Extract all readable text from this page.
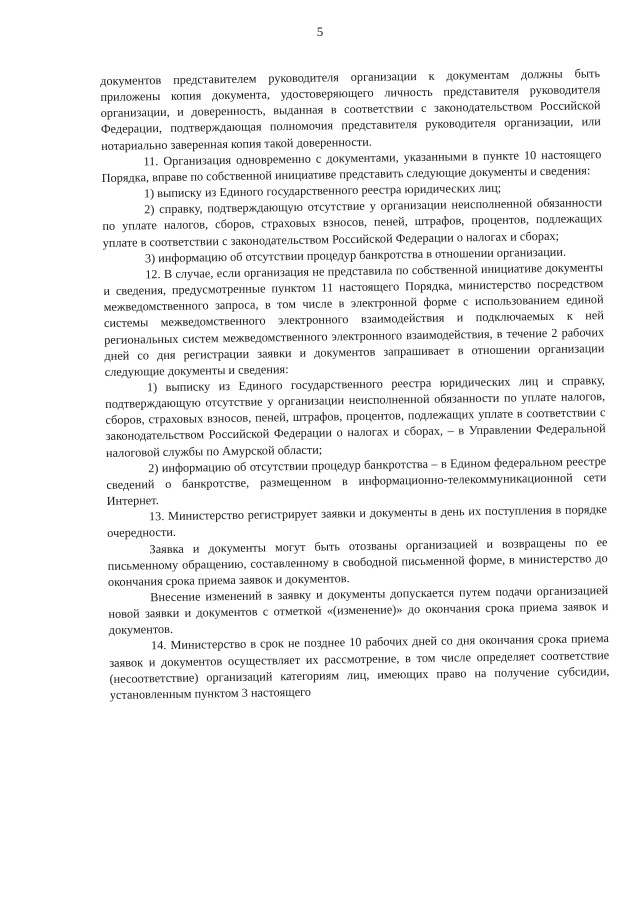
5

документов представителем руководителя организации к документам должны быть приложены копия документа, удостоверяющего личность представителя руководителя организации, и доверенность, выданная в соответствии с законодательством Российской Федерации, подтверждающая полномочия представителя руководителя организации, или нотариально заверенная копия такой доверенности.

11. Организация одновременно с документами, указанными в пункте 10 настоящего Порядка, вправе по собственной инициативе представить следующие документы и сведения:

1) выписку из Единого государственного реестра юридических лиц;

2) справку, подтверждающую отсутствие у организации неисполненной обязанности по уплате налогов, сборов, страховых взносов, пеней, штрафов, процентов, подлежащих уплате в соответствии с законодательством Российской Федерации о налогах и сборах;

3) информацию об отсутствии процедур банкротства в отношении организации.

12. В случае, если организация не представила по собственной инициативе документы и сведения, предусмотренные пунктом 11 настоящего Порядка, министерство посредством межведомственного запроса, в том числе в электронной форме с использованием единой системы межведомственного электронного взаимодействия и подключаемых к ней региональных систем межведомственного электронного взаимодействия, в течение 2 рабочих дней со дня регистрации заявки и документов запрашивает в отношении организации следующие документы и сведения:

1) выписку из Единого государственного реестра юридических лиц и справку, подтверждающую отсутствие у организации неисполненной обязанности по уплате налогов, сборов, страховых взносов, пеней, штрафов, процентов, подлежащих уплате в соответствии с законодательством Российской Федерации о налогах и сборах, – в Управлении Федеральной налоговой службы по Амурской области;

2) информацию об отсутствии процедур банкротства – в Едином федеральном реестре сведений о банкротстве, размещенном в информационно-телекоммуникационной сети Интернет.

13. Министерство регистрирует заявки и документы в день их поступления в порядке очередности.

Заявка и документы могут быть отозваны организацией и возвращены по ее письменному обращению, составленному в свободной письменной форме, в министерство до окончания срока приема заявок и документов.

Внесение изменений в заявку и документы допускается путем подачи организацией новой заявки и документов с отметкой «(изменение)» до окончания срока приема заявок и документов.

14. Министерство в срок не позднее 10 рабочих дней со дня окончания срока приема заявок и документов осуществляет их рассмотрение, в том числе определяет соответствие (несоответствие) организаций категориям лиц, имеющих право на получение субсидии, установленным пунктом 3 настоящего
